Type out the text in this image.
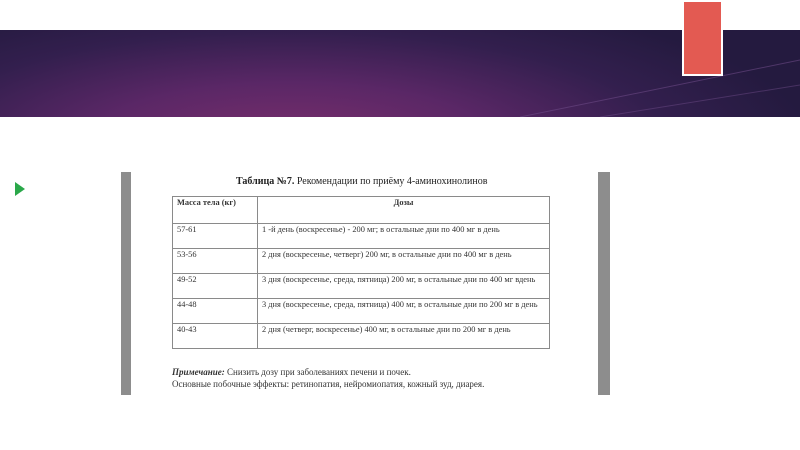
Таблица №7. Рекомендации по приёму 4-аминохинолинов
Масса тела (кг)	Дозы
57-61	1 -й день (воскресенье) - 200 мг; в остальные дни по 400 мг в день
53-56	2 дня (воскресенье, четверг) 200 мг, в остальные дни по 400 мг в день
49-52	3 дня (воскресенье, среда, пятница) 200 мг, в остальные дни по 400 мг вдень
44-48	3 дня (воскресенье, среда, пятница) 400 мг, в остальные дни по 200 мг в день
40-43	2 дня (четверг, воскресенье) 400 мг, в остальные дни по 200 мг в день
Примечание: Снизить дозу при заболеваниях печени и почек.
Основные побочные эффекты: ретинопатия, нейромиопатия, кожный зуд, диарея.
